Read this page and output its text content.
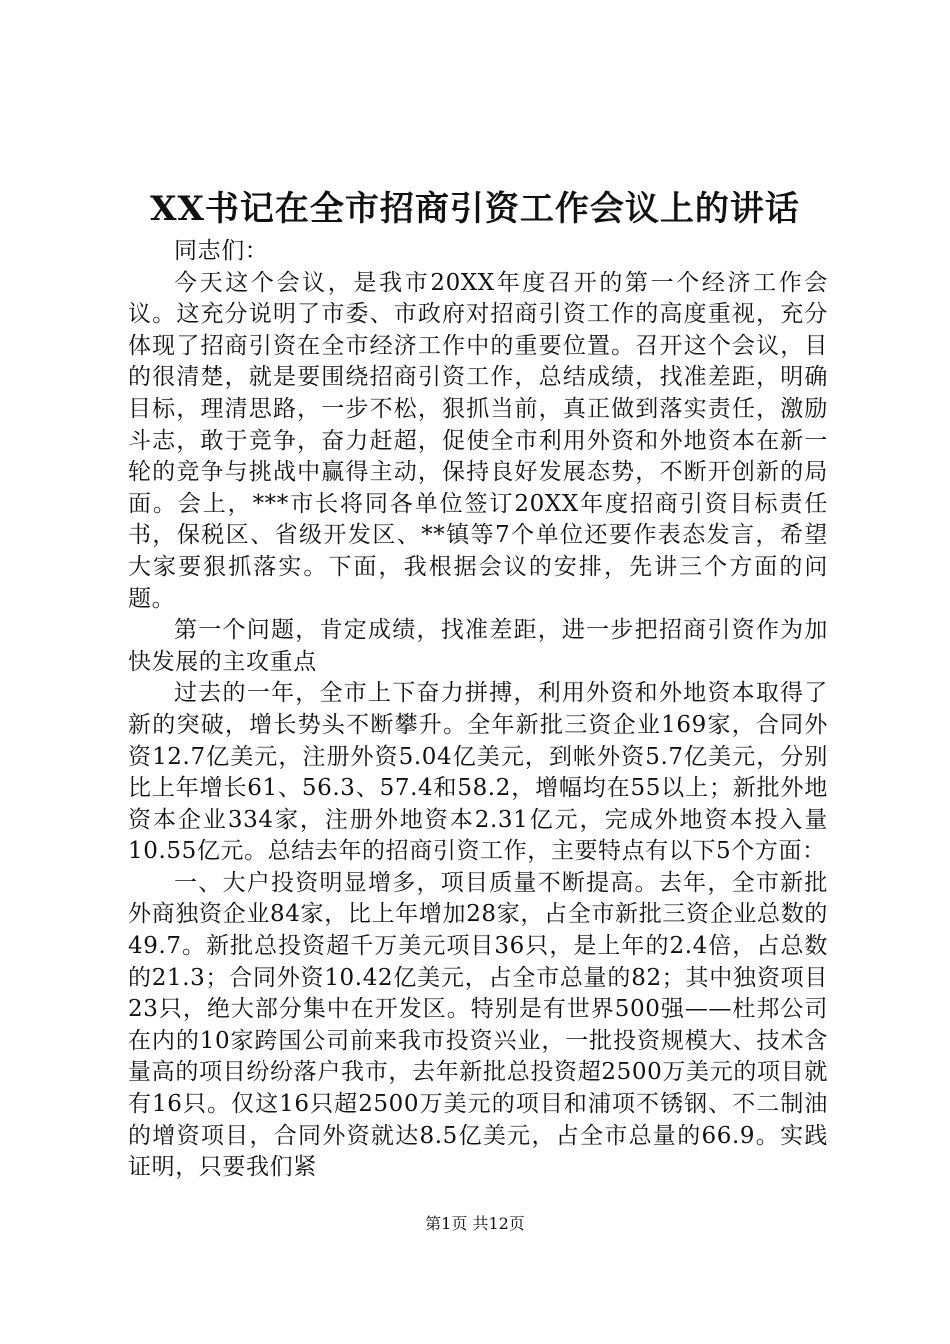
XX书记在全市招商引资工作会议上的讲话

同志们：

今天这个会议，是我市20XX年度召开的第一个经济工作会议。这充分说明了市委、市政府对招商引资工作的高度重视，充分体现了招商引资在全市经济工作中的重要位置。召开这个会议，目的很清楚，就是要围绕招商引资工作，总结成绩，找准差距，明确目标，理清思路，一步不松，狠抓当前，真正做到落实责任，激励斗志，敢于竞争，奋力赶超，促使全市利用外资和外地资本在新一轮的竞争与挑战中赢得主动，保持良好发展态势，不断开创新的局面。会上，***市长将同各单位签订20XX年度招商引资目标责任书，保税区、省级开发区、**镇等7个单位还要作表态发言，希望大家要狠抓落实。下面，我根据会议的安排，先讲三个方面的问题。

第一个问题，肯定成绩，找准差距，进一步把招商引资作为加快发展的主攻重点

过去的一年，全市上下奋力拼搏，利用外资和外地资本取得了新的突破，增长势头不断攀升。全年新批三资企业169家，合同外资12.7亿美元，注册外资5.04亿美元，到帐外资5.7亿美元，分别比上年增长61、56.3、57.4和58.2，增幅均在55以上；新批外地资本企业334家，注册外地资本2.31亿元，完成外地资本投入量10.55亿元。总结去年的招商引资工作，主要特点有以下5个方面：

一、大户投资明显增多，项目质量不断提高。去年，全市新批外商独资企业84家，比上年增加28家，占全市新批三资企业总数的49.7。新批总投资超千万美元项目36只，是上年的2.4倍，占总数的21.3；合同外资10.42亿美元，占全市总量的82；其中独资项目23只，绝大部分集中在开发区。特别是有世界500强——杜邦公司在内的10家跨国公司前来我市投资兴业，一批投资规模大、技术含量高的项目纷纷落户我市，去年新批总投资超2500万美元的项目就有16只。仅这16只超2500万美元的项目和浦项不锈钢、不二制油的增资项目，合同外资就达8.5亿美元，占全市总量的66.9。实践证明，只要我们紧

第1页 共12页
